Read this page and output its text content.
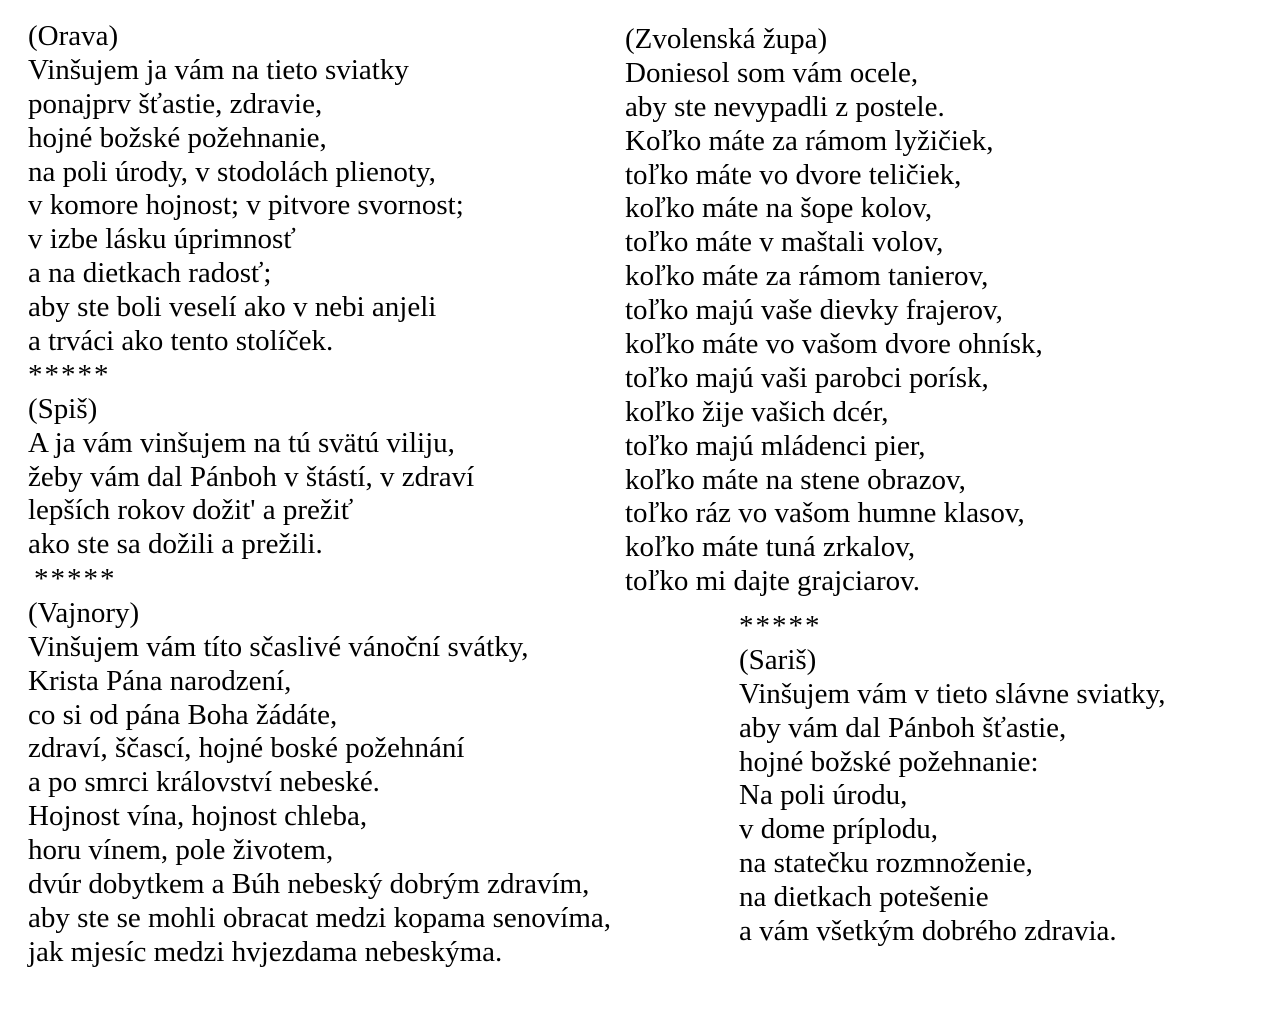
(Orava)
Vinšujem ja vám na tieto sviatky
ponajprv šťastie, zdravie,
hojné božské požehnanie,
na poli úrody, v stodolách plienoty,
v komore hojnost; v pitvore svornost;
v izbe lásku úprimnosť
a na dietkach radosť;
aby ste boli veselí ako v nebi anjeli
a trváci ako tento stolíček.
*****
(Spiš)
A ja vám vinšujem na tú svätú viliju,
žeby vám dal Pánboh v štástí, v zdraví
lepších rokov dožit' a prežiť
ako ste sa dožili a prežili.
*****
(Vajnory)
Vinšujem vám títo sčaslivé vánoční svátky,
Krista Pána narodzení,
co si od pána Boha žádáte,
zdraví, ščascí, hojné boské požehnání
a po smrci království nebeské.
Hojnost vína, hojnost chleba,
horu vínem, pole životem,
dvúr dobytkem a Búh nebeský dobrým zdravím,
aby ste se mohli obracat medzi kopama senovíma,
jak mjesíc medzi hvjezdama nebeskýma.
(Zvolenská župa)
Doniesol som vám ocele,
aby ste nevypadli z postele.
Koľko máte za rámom lyžičiek,
toľko máte vo dvore teličiek,
koľko máte na šope kolov,
toľko máte v maštali volov,
koľko máte za rámom tanierov,
toľko majú vaše dievky frajerov,
koľko máte vo vašom dvore ohnísk,
toľko majú vaši parobci porísk,
koľko žije vašich dcér,
toľko majú mládenci pier,
koľko máte na stene obrazov,
toľko ráz vo vašom humne klasov,
koľko máte tuná zrkalov,
toľko mi dajte grajciarov.
*****
(Sariš)
Vinšujem vám v tieto slávne sviatky,
aby vám dal Pánboh šťastie,
hojné božské požehnanie:
Na poli úrodu,
v dome príplodu,
na statečku rozmnoženie,
na dietkach potešenie
a vám všetkým dobrého zdravia.
